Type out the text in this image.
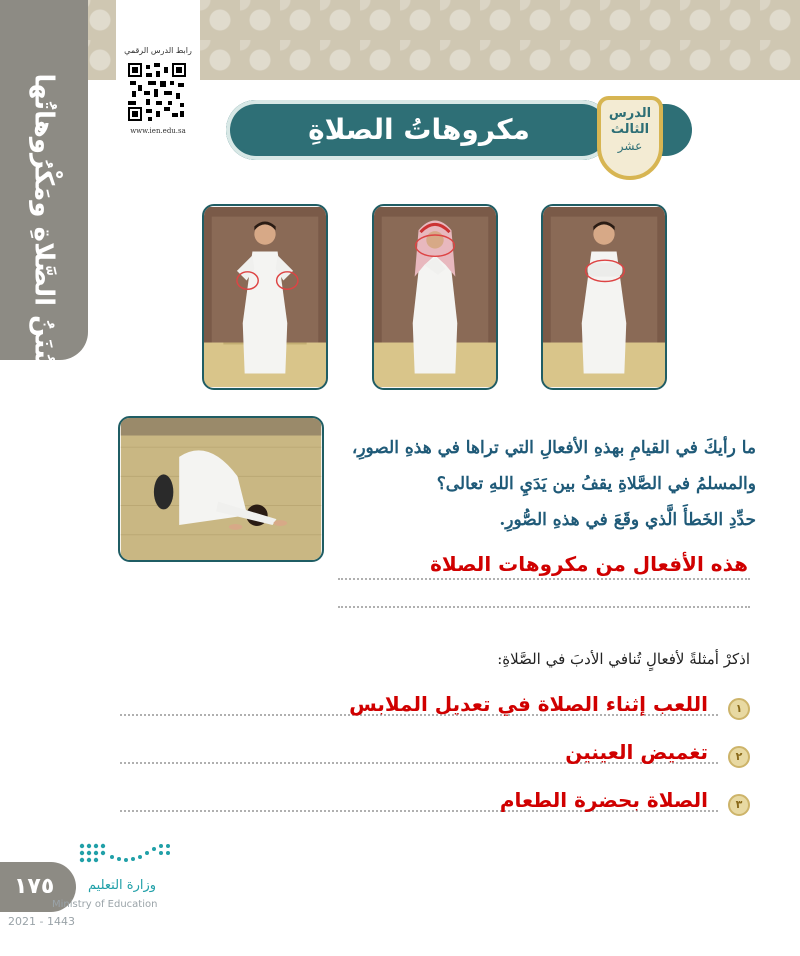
سُنَنُ الصَّلاةِ ومَكْرُوهاتُها
رابط الدرس الرقمي
www.ien.edu.sa	مكروهاتُ الصلاةِ	الدرس
الثالث
عشر
ما رأيكَ في القيامِ بهذهِ الأفعالِ التي تراها في هذهِ الصورِ،
والمسلمُ في الصَّلاةِ يقفُ بين يَدَيِ اللهِ تعالى؟
حدِّدِ الخَطأَ الَّذي وقَعَ في هذهِ الصُّورِ.
هذه الأفعال من مكروهات الصلاة
اذكرْ أمثلةً لأفعالٍ تُنافي الأدبَ في الصَّلاةِ:
١
اللعب إثناء الصلاة في تعديل الملابس
٢
تغميض العينين
٣
الصلاة بحضرة الطعام
١٧٥	وزارة التعليم
Ministry of Education
2021 - 1443
